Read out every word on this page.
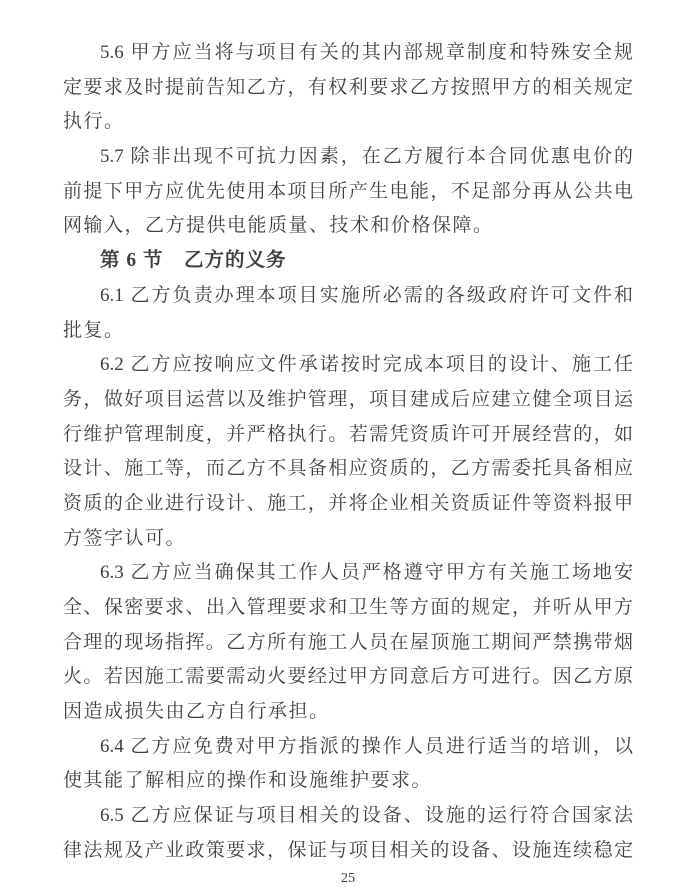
5.6 甲方应当将与项目有关的其内部规章制度和特殊安全规
定要求及时提前告知乙方，有权利要求乙方按照甲方的相关规定
执行。
5.7 除非出现不可抗力因素，在乙方履行本合同优惠电价的
前提下甲方应优先使用本项目所产生电能，不足部分再从公共电
网输入，乙方提供电能质量、技术和价格保障。
第 6 节　乙方的义务
6.1 乙方负责办理本项目实施所必需的各级政府许可文件和
批复。
6.2 乙方应按响应文件承诺按时完成本项目的设计、施工任
务，做好项目运营以及维护管理，项目建成后应建立健全项目运
行维护管理制度，并严格执行。若需凭资质许可开展经营的，如
设计、施工等，而乙方不具备相应资质的，乙方需委托具备相应
资质的企业进行设计、施工，并将企业相关资质证件等资料报甲
方签字认可。
6.3 乙方应当确保其工作人员严格遵守甲方有关施工场地安
全、保密要求、出入管理要求和卫生等方面的规定，并听从甲方
合理的现场指挥。乙方所有施工人员在屋顶施工期间严禁携带烟
火。若因施工需要需动火要经过甲方同意后方可进行。因乙方原
因造成损失由乙方自行承担。
6.4 乙方应免费对甲方指派的操作人员进行适当的培训，以
使其能了解相应的操作和设施维护要求。
6.5 乙方应保证与项目相关的设备、设施的运行符合国家法
律法规及产业政策要求，保证与项目相关的设备、设施连续稳定
25
